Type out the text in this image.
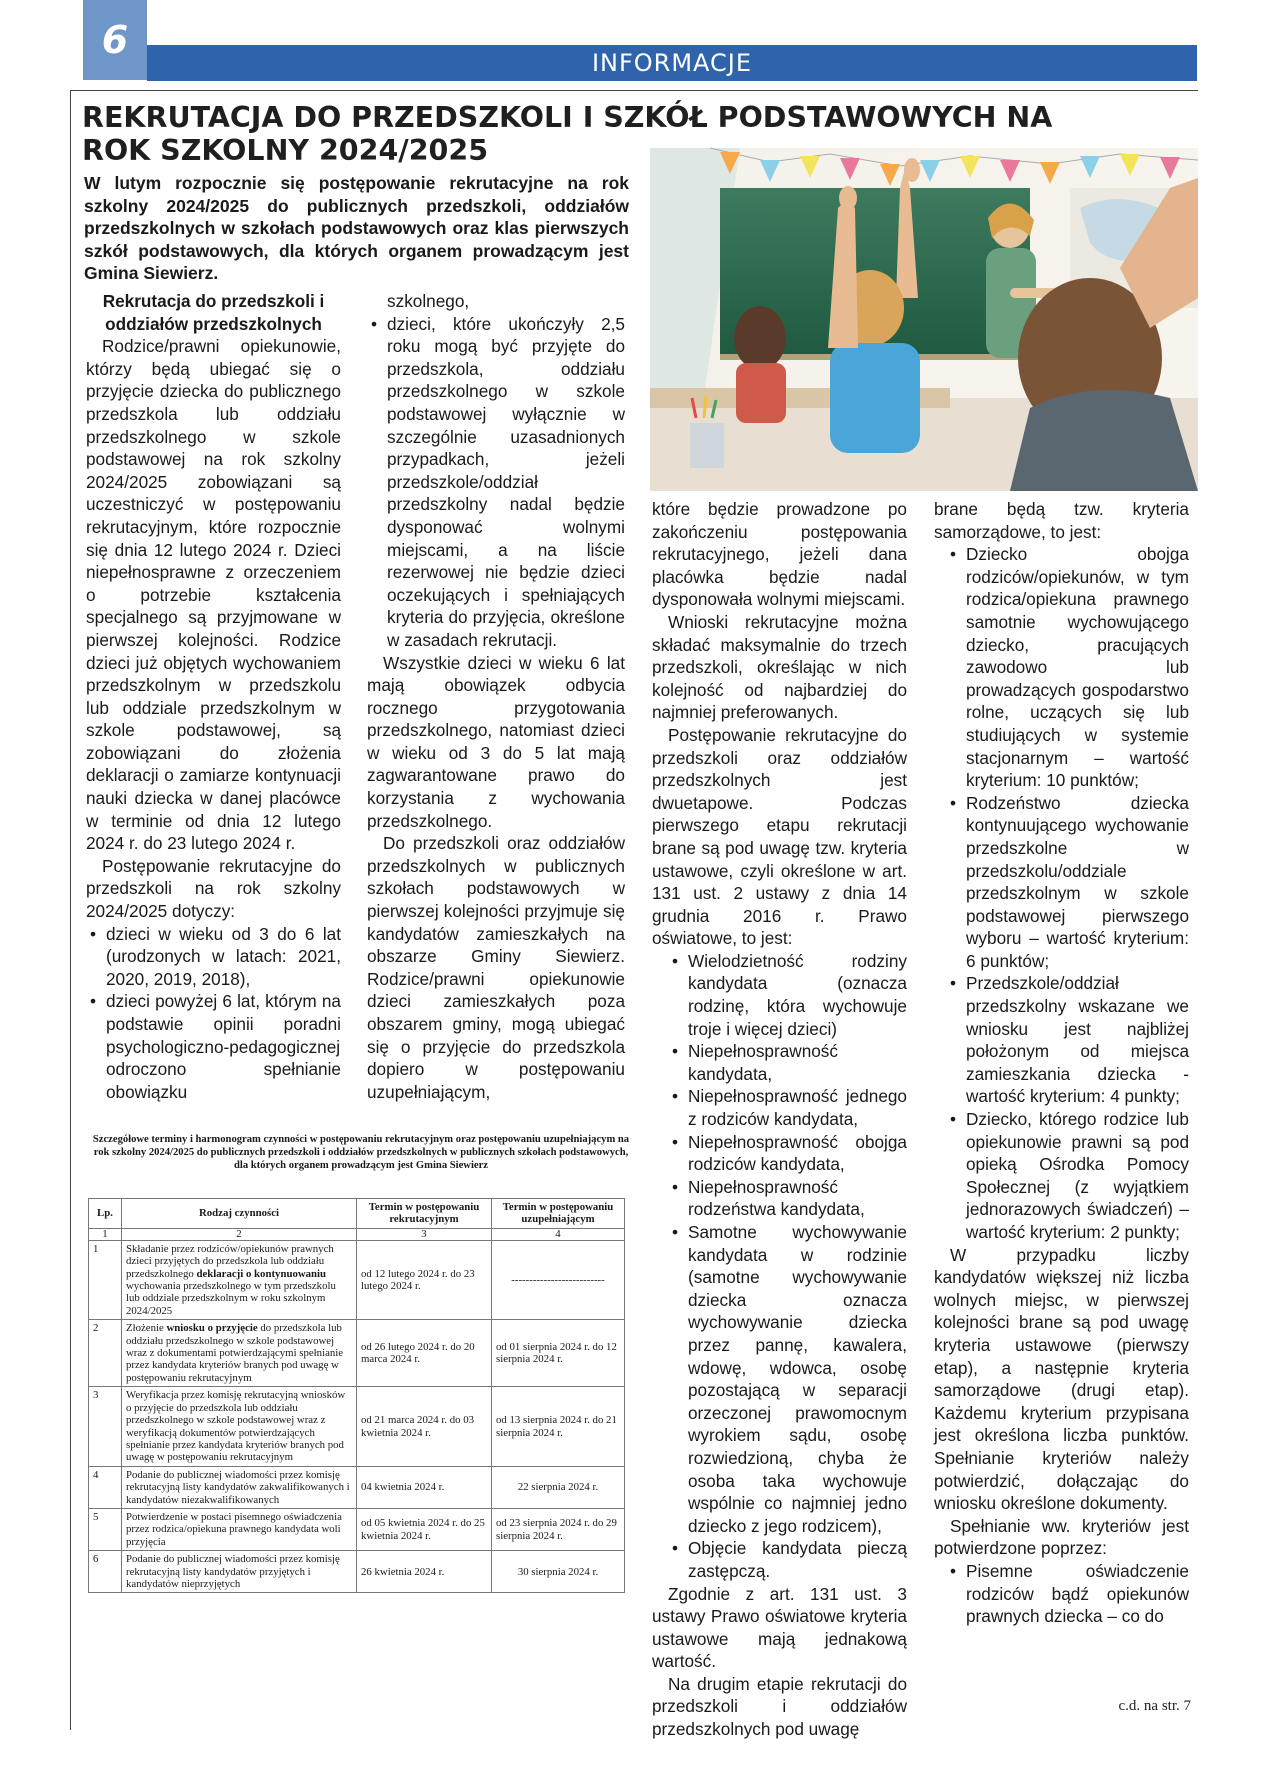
6
INFORMACJE
REKRUTACJA DO PRZEDSZKOLI I SZKÓŁ PODSTAWOWYCH NA ROK SZKOLNY 2024/2025

W lutym rozpocznie się postępowanie rekrutacyjne na rok szkolny 2024/2025 do publicznych przedszkoli, oddziałów przedszkolnych w szkołach podstawowych oraz klas pierwszych szkół podstawowych, dla których organem prowadzącym jest Gmina Siewierz.

Rekrutacja do przedszkoli i oddziałów przedszkolnych

Rodzice/prawni opiekunowie, którzy będą ubiegać się o przyjęcie dziecka do publicznego przedszkola lub oddziału przedszkolnego w szkole podstawowej na rok szkolny 2024/2025 zobowiązani są uczestniczyć w postępowaniu rekrutacyjnym, które rozpocznie się dnia 12 lutego 2024 r. Dzieci niepełnosprawne z orzeczeniem o potrzebie kształcenia specjalnego są przyjmowane w pierwszej kolejności. Rodzice dzieci już objętych wychowaniem przedszkolnym w przedszkolu lub oddziale przedszkolnym w szkole podstawowej, są zobowiązani do złożenia deklaracji o zamiarze kontynuacji nauki dziecka w danej placówce w terminie od dnia 12 lutego 2024 r. do 23 lutego 2024 r.

Postępowanie rekrutacyjne do przedszkoli na rok szkolny 2024/2025 dotyczy:

• dzieci w wieku od 3 do 6 lat (urodzonych w latach: 2021, 2020, 2019, 2018),
• dzieci powyżej 6 lat, którym na podstawie opinii poradni psychologiczno-pedagogicznej odroczono spełnianie obowiązku

szkolnego,

• dzieci, które ukończyły 2,5 roku mogą być przyjęte do przedszkola, oddziału przedszkolnego w szkole podstawowej wyłącznie w szczególnie uzasadnionych przypadkach, jeżeli przedszkole/oddział przedszkolny nadal będzie dysponować wolnymi miejscami, a na liście rezerwowej nie będzie dzieci oczekujących i spełniających kryteria do przyjęcia, określone w zasadach rekrutacji.

Wszystkie dzieci w wieku 6 lat mają obowiązek odbycia rocznego przygotowania przedszkolnego, natomiast dzieci w wieku od 3 do 5 lat mają zagwarantowane prawo do korzystania z wychowania przedszkolnego.

Do przedszkoli oraz oddziałów przedszkolnych w publicznych szkołach podstawowych w pierwszej kolejności przyjmuje się kandydatów zamieszkałych na obszarze Gminy Siewierz. Rodzice/prawni opiekunowie dzieci zamieszkałych poza obszarem gminy, mogą ubiegać się o przyjęcie do przedszkola dopiero w postępowaniu uzupełniającym,

które będzie prowadzone po zakończeniu postępowania rekrutacyjnego, jeżeli dana placówka będzie nadal dysponowała wolnymi miejscami.

Wnioski rekrutacyjne można składać maksymalnie do trzech przedszkoli, określając w nich kolejność od najbardziej do najmniej preferowanych.

Postępowanie rekrutacyjne do przedszkoli oraz oddziałów przedszkolnych jest dwuetapowe. Podczas pierwszego etapu rekrutacji brane są pod uwagę tzw. kryteria ustawowe, czyli określone w art. 131 ust. 2 ustawy z dnia 14 grudnia 2016 r. Prawo oświatowe, to jest:

• Wielodzietność rodziny kandydata (oznacza rodzinę, która wychowuje troje i więcej dzieci)
• Niepełnosprawność kandydata,
• Niepełnosprawność jednego z rodziców kandydata,
• Niepełnosprawność obojga rodziców kandydata,
• Niepełnosprawność rodzeństwa kandydata,
• Samotne wychowywanie kandydata w rodzinie (samotne wychowywanie dziecka oznacza wychowywanie dziecka przez pannę, kawalera, wdowę, wdowca, osobę pozostającą w separacji orzeczonej prawomocnym wyrokiem sądu, osobę rozwiedzioną, chyba że osoba taka wychowuje wspólnie co najmniej jedno dziecko z jego rodzicem),
• Objęcie kandydata pieczą zastępczą.

Zgodnie z art. 131 ust. 3 ustawy Prawo oświatowe kryteria ustawowe mają jednakową wartość.

Na drugim etapie rekrutacji do przedszkoli i oddziałów przedszkolnych pod uwagę

brane będą tzw. kryteria samorządowe, to jest:

• Dziecko obojga rodziców/opiekunów, w tym rodzica/opiekuna prawnego samotnie wychowującego dziecko, pracujących zawodowo lub prowadzących gospodarstwo rolne, uczących się lub studiujących w systemie stacjonarnym – wartość kryterium: 10 punktów;
• Rodzeństwo dziecka kontynuującego wychowanie przedszkolne w przedszkolu/oddziale przedszkolnym w szkole podstawowej pierwszego wyboru – wartość kryterium: 6 punktów;
• Przedszkole/oddział przedszkolny wskazane we wniosku jest najbliżej położonym od miejsca zamieszkania dziecka - wartość kryterium: 4 punkty;
• Dziecko, którego rodzice lub opiekunowie prawni są pod opieką Ośrodka Pomocy Społecznej (z wyjątkiem jednorazowych świadczeń) – wartość kryterium: 2 punkty;

W przypadku liczby kandydatów większej niż liczba wolnych miejsc, w pierwszej kolejności brane są pod uwagę kryteria ustawowe (pierwszy etap), a następnie kryteria samorządowe (drugi etap). Każdemu kryterium przypisana jest określona liczba punktów. Spełnianie kryteriów należy potwierdzić, dołączając do wniosku określone dokumenty.

Spełnianie ww. kryteriów jest potwierdzone poprzez:

• Pisemne oświadczenie rodziców bądź opiekunów prawnych dziecka – co do
c.d. na str. 7

Szczegółowe terminy i harmonogram czynności w postępowaniu rekrutacyjnym oraz postępowaniu uzupełniającym na rok szkolny 2024/2025 do publicznych przedszkoli i oddziałów przedszkolnych w publicznych szkołach podstawowych, dla których organem prowadzącym jest Gmina Siewierz

Lp.	Rodzaj czynności	Termin w postępowaniu rekrutacyjnym	Termin w postępowaniu uzupełniającym
1	2	3	4
1	Składanie przez rodziców/opiekunów prawnych dzieci przyjętych do przedszkola lub oddziału przedszkolnego deklaracji o kontynuowaniu wychowania przedszkolnego w tym przedszkolu lub oddziale przedszkolnym w roku szkolnym 2024/2025	od 12 lutego 2024 r. do 23 lutego 2024 r.	--------------------------
2	Złożenie wniosku o przyjęcie do przedszkola lub oddziału przedszkolnego w szkole podstawowej wraz z dokumentami potwierdzającymi spełnianie przez kandydata kryteriów branych pod uwagę w postępowaniu rekrutacyjnym	od 26 lutego 2024 r. do 20 marca 2024 r.	od 01 sierpnia 2024 r. do 12 sierpnia 2024 r.
3	Weryfikacja przez komisję rekrutacyjną wniosków o przyjęcie do przedszkola lub oddziału przedszkolnego w szkole podstawowej wraz z weryfikacją dokumentów potwierdzających spełnianie przez kandydata kryteriów branych pod uwagę w postępowaniu rekrutacyjnym	od 21 marca 2024 r. do 03 kwietnia 2024 r.	od 13 sierpnia 2024 r. do 21 sierpnia 2024 r.
4	Podanie do publicznej wiadomości przez komisję rekrutacyjną listy kandydatów zakwalifikowanych i kandydatów niezakwalifikowanych	04 kwietnia 2024 r.	22 sierpnia 2024 r.
5	Potwierdzenie w postaci pisemnego oświadczenia przez rodzica/opiekuna prawnego kandydata woli przyjęcia	od 05 kwietnia 2024 r. do 25 kwietnia 2024 r.	od 23 sierpnia 2024 r. do 29 sierpnia 2024 r.
6	Podanie do publicznej wiadomości przez komisję rekrutacyjną listy kandydatów przyjętych i kandydatów nieprzyjętych	26 kwietnia 2024 r.	30 sierpnia 2024 r.
